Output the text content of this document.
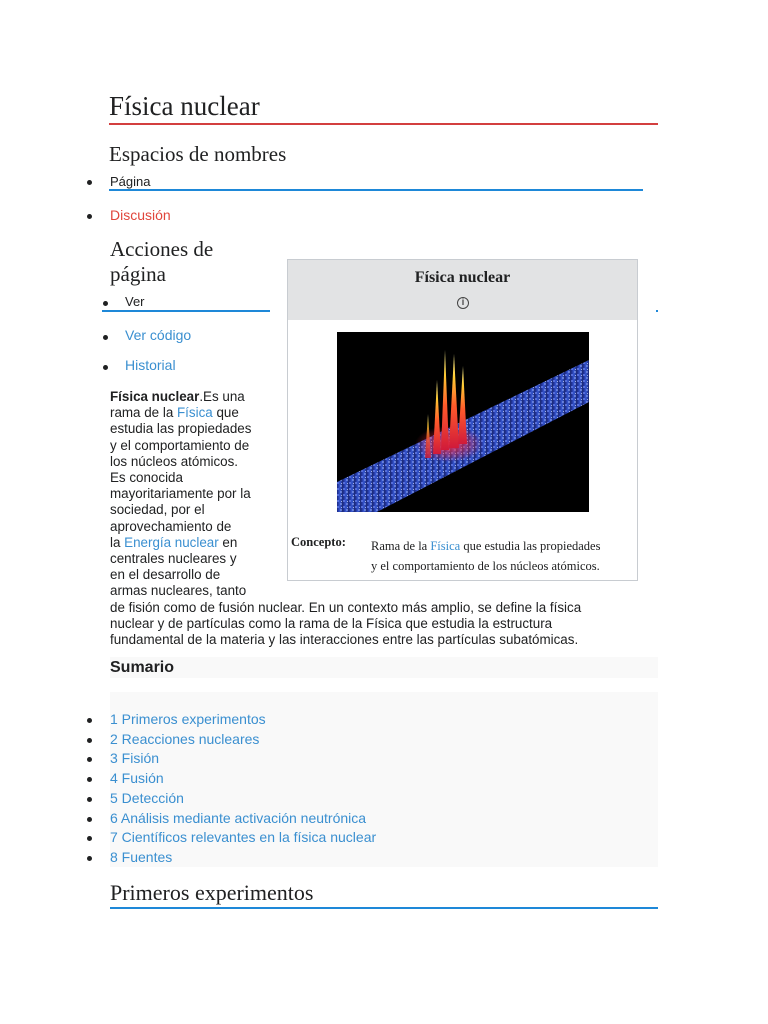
Física nuclear
Espacios de nombres
Página
Discusión
Acciones de
página
Ver
Ver código
Historial
Física nuclear
i
Concepto: Rama de la Física que estudia las propiedades
y el comportamiento de los núcleos atómicos.
Física nuclear.Es una
rama de la Física que
estudia las propiedades
y el comportamiento de
los núcleos atómicos.
Es conocida
mayoritariamente por la
sociedad, por el
aprovechamiento de
la Energía nuclear en
centrales nucleares y
en el desarrollo de
armas nucleares, tanto
de fisión como de fusión nuclear. En un contexto más amplio, se define la física
nuclear y de partículas como la rama de la Física que estudia la estructura
fundamental de la materia y las interacciones entre las partículas subatómicas.
Sumario
1 Primeros experimentos
2 Reacciones nucleares
3 Fisión
4 Fusión
5 Detección
6 Análisis mediante activación neutrónica
7 Científicos relevantes en la física nuclear
8 Fuentes
Primeros experimentos
